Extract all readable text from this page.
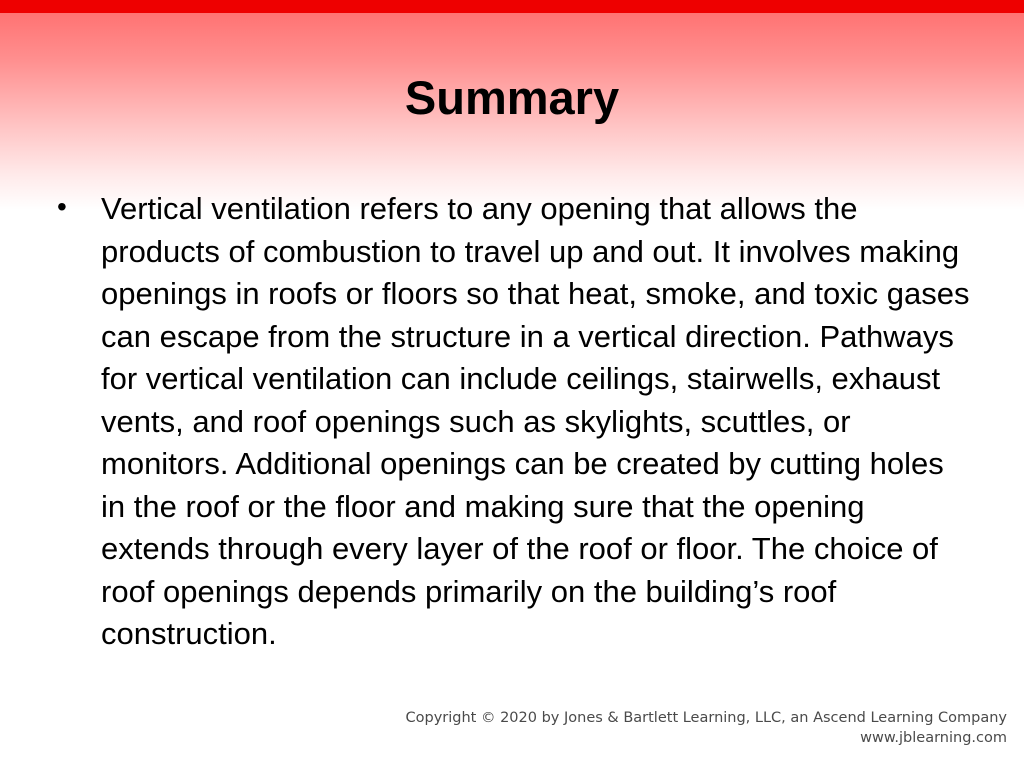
Summary
• Vertical ventilation refers to any opening that allows the products of combustion to travel up and out. It involves making openings in roofs or floors so that heat, smoke, and toxic gases can escape from the structure in a vertical direction. Pathways for vertical ventilation can include ceilings, stairwells, exhaust vents, and roof openings such as skylights, scuttles, or monitors. Additional openings can be created by cutting holes in the roof or the floor and making sure that the opening extends through every layer of the roof or floor. The choice of roof openings depends primarily on the building’s roof construction.
Copyright © 2020 by Jones & Bartlett Learning, LLC, an Ascend Learning Company
www.jblearning.com
